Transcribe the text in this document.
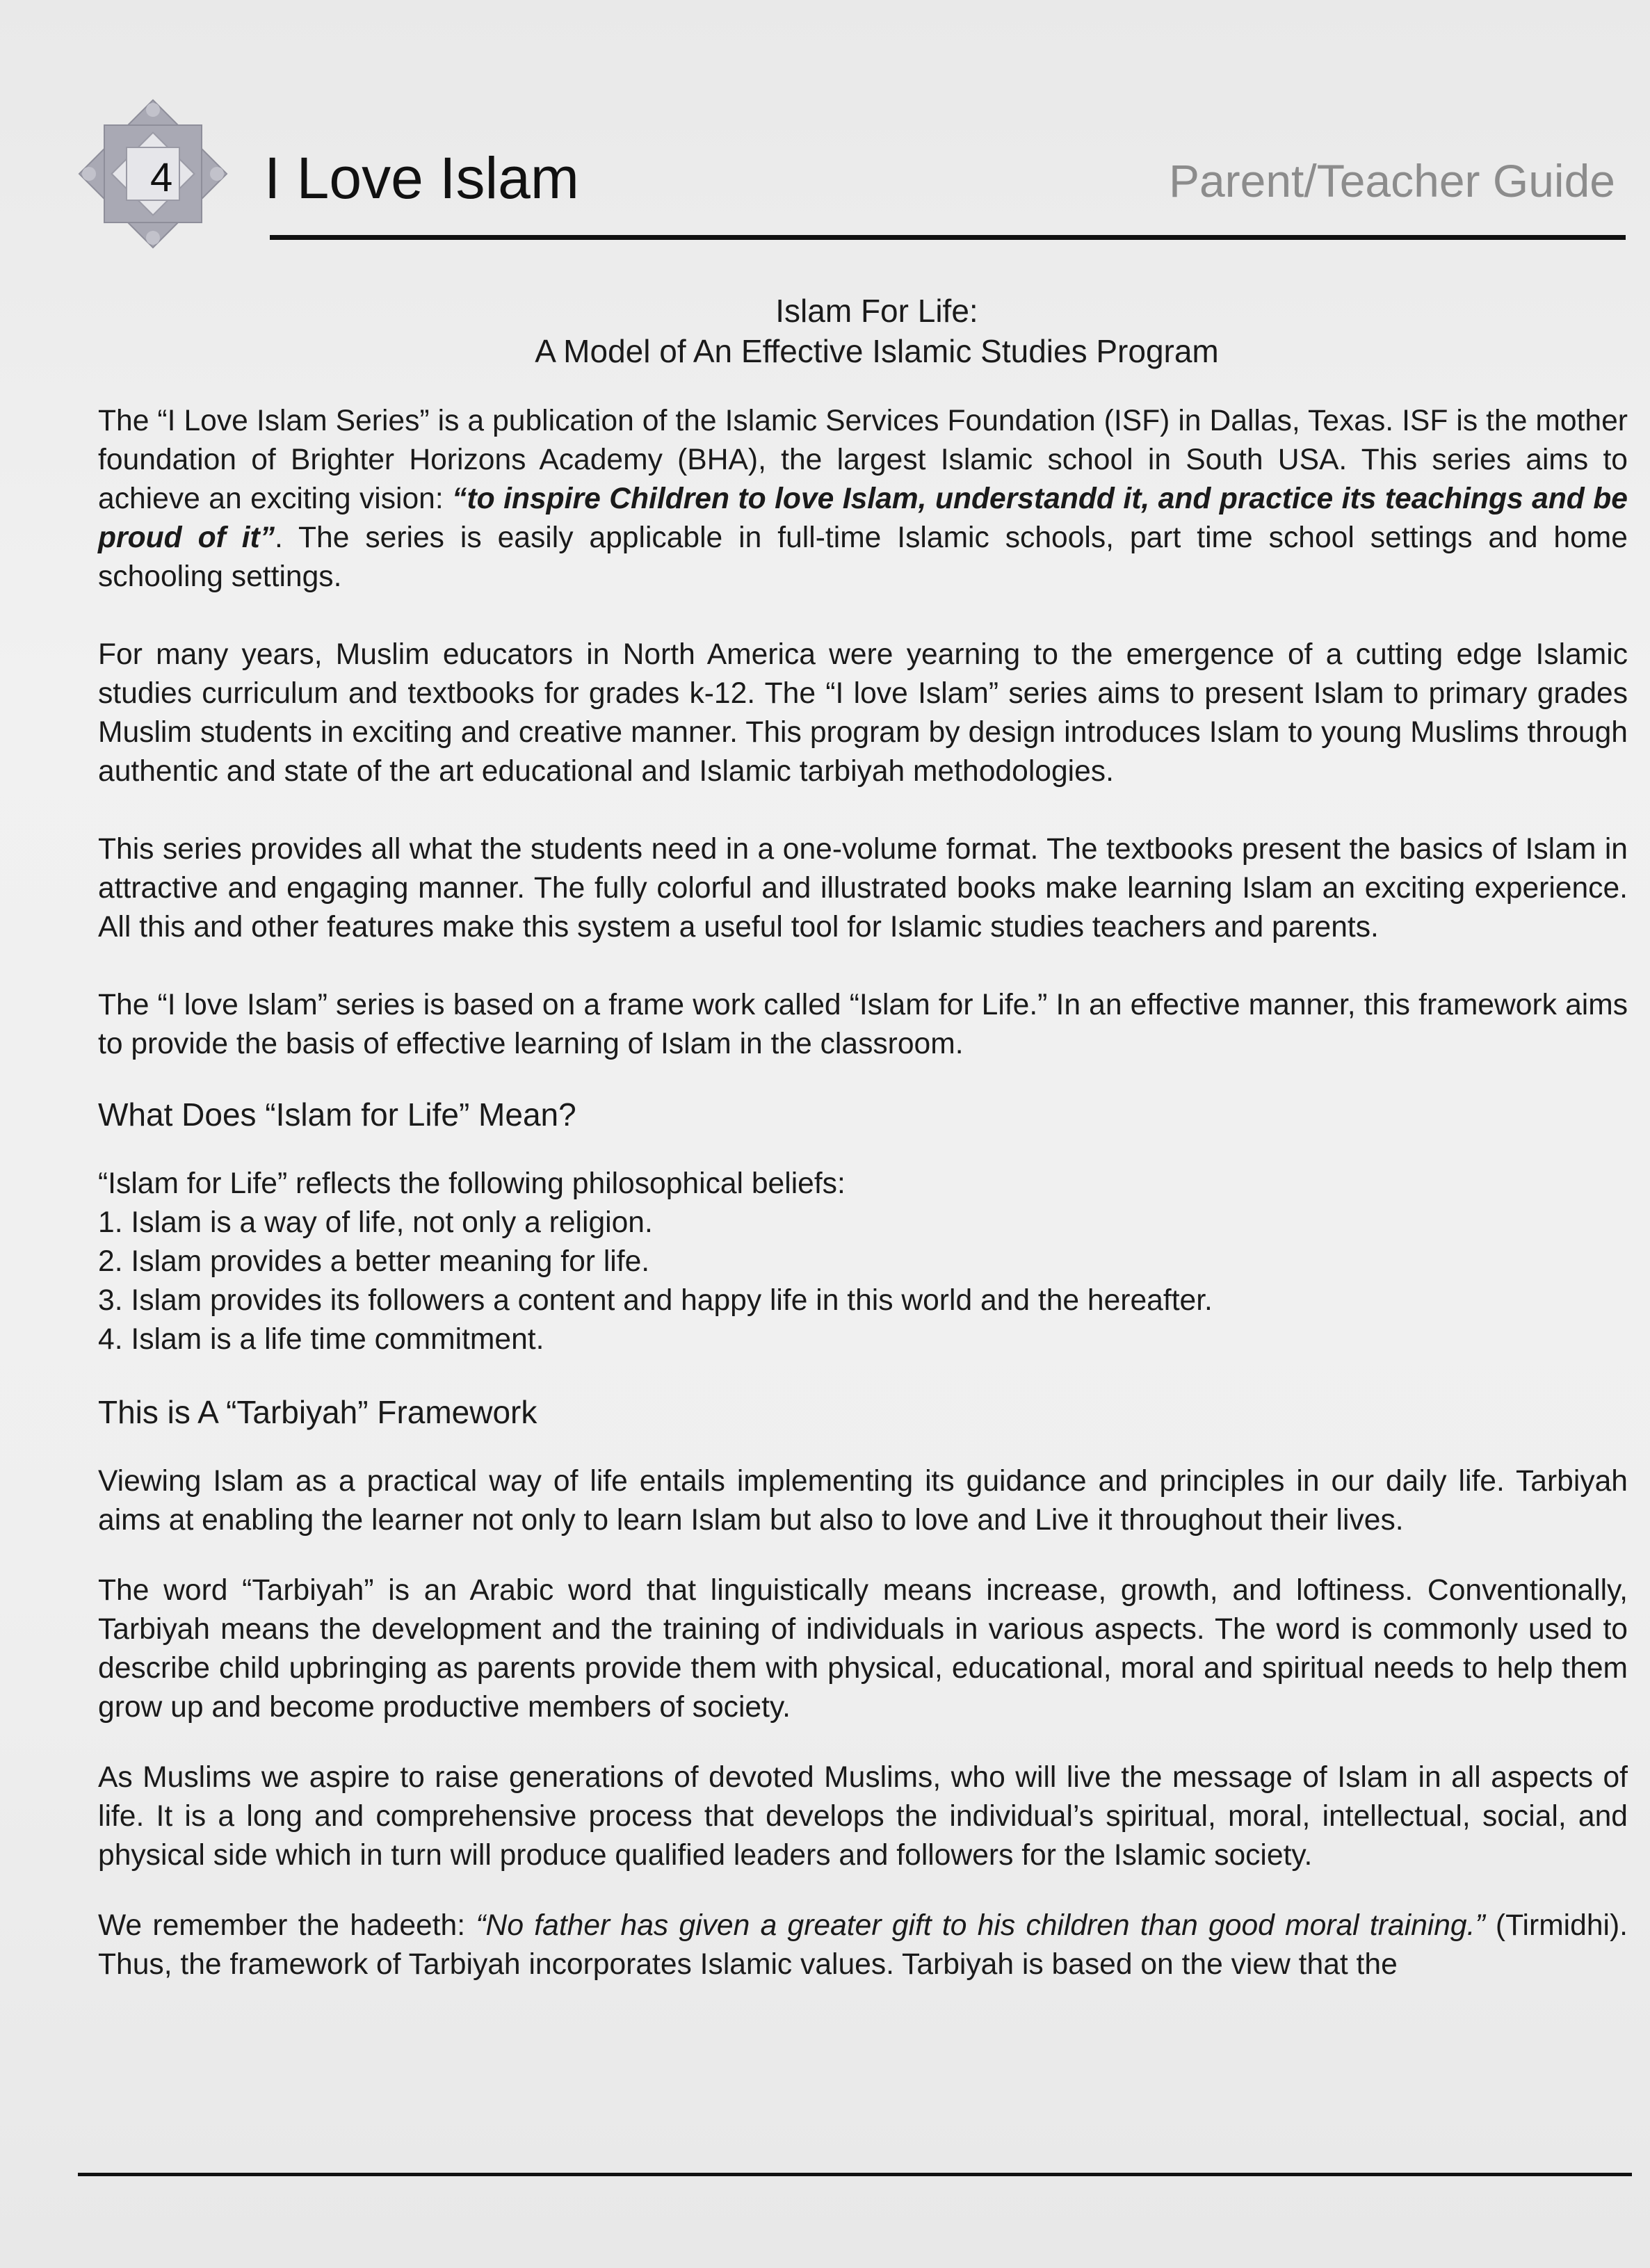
4 I Love Islam	Parent/Teacher Guide
Islam For Life:
A Model of An Effective Islamic Studies Program

The “I Love Islam Series” is a publication of the Islamic Services Foundation (ISF) in Dallas, Texas. ISF is the mother foundation of Brighter Horizons Academy (BHA), the largest Islamic school in South USA. This series aims to achieve an exciting vision: “to inspire Children to love Islam, understandd it, and practice its teachings and be proud of it”. The series is easily applicable in full-time Islamic schools, part time school settings and home schooling settings.

For many years, Muslim educators in North America were yearning to the emergence of a cutting edge Islamic studies curriculum and textbooks for grades k-12. The “I love Islam” series aims to present Islam to primary grades Muslim students in exciting and creative manner. This program by design introduces Islam to young Muslims through authentic and state of the art educational and Islamic tarbiyah methodologies.

This series provides all what the students need in a one-volume format. The textbooks present the basics of Islam in attractive and engaging manner. The fully colorful and illustrated books make learning Islam an exciting experience. All this and other features make this system a useful tool for Islamic studies teachers and parents.

The “I love Islam” series is based on a frame work called “Islam for Life.” In an effective manner, this framework aims to provide the basis of effective learning of Islam in the classroom.

What Does “Islam for Life” Mean?

“Islam for Life” reflects the following philosophical beliefs:

1. Islam is a way of life, not only a religion.
2. Islam provides a better meaning for life.
3. Islam provides its followers a content and happy life in this world and the hereafter.
4. Islam is a life time commitment.
This is A “Tarbiyah” Framework

Viewing Islam as a practical way of life entails implementing its guidance and principles in our daily life. Tarbiyah aims at enabling the learner not only to learn Islam but also to love and Live it throughout their lives.

The word “Tarbiyah” is an Arabic word that linguistically means increase, growth, and loftiness. Conventionally, Tarbiyah means the development and the training of individuals in various aspects. The word is commonly used to describe child upbringing as parents provide them with physical, educational, moral and spiritual needs to help them grow up and become productive members of society.

As Muslims we aspire to raise generations of devoted Muslims, who will live the message of Islam in all aspects of life. It is a long and comprehensive process that develops the individual’s spiritual, moral, intellectual, social, and physical side which in turn will produce qualified leaders and followers for the Islamic society.

We remember the hadeeth: “No father has given a greater gift to his children than good moral training.” (Tirmidhi). Thus, the framework of Tarbiyah incorporates Islamic values. Tarbiyah is based on the view that the
